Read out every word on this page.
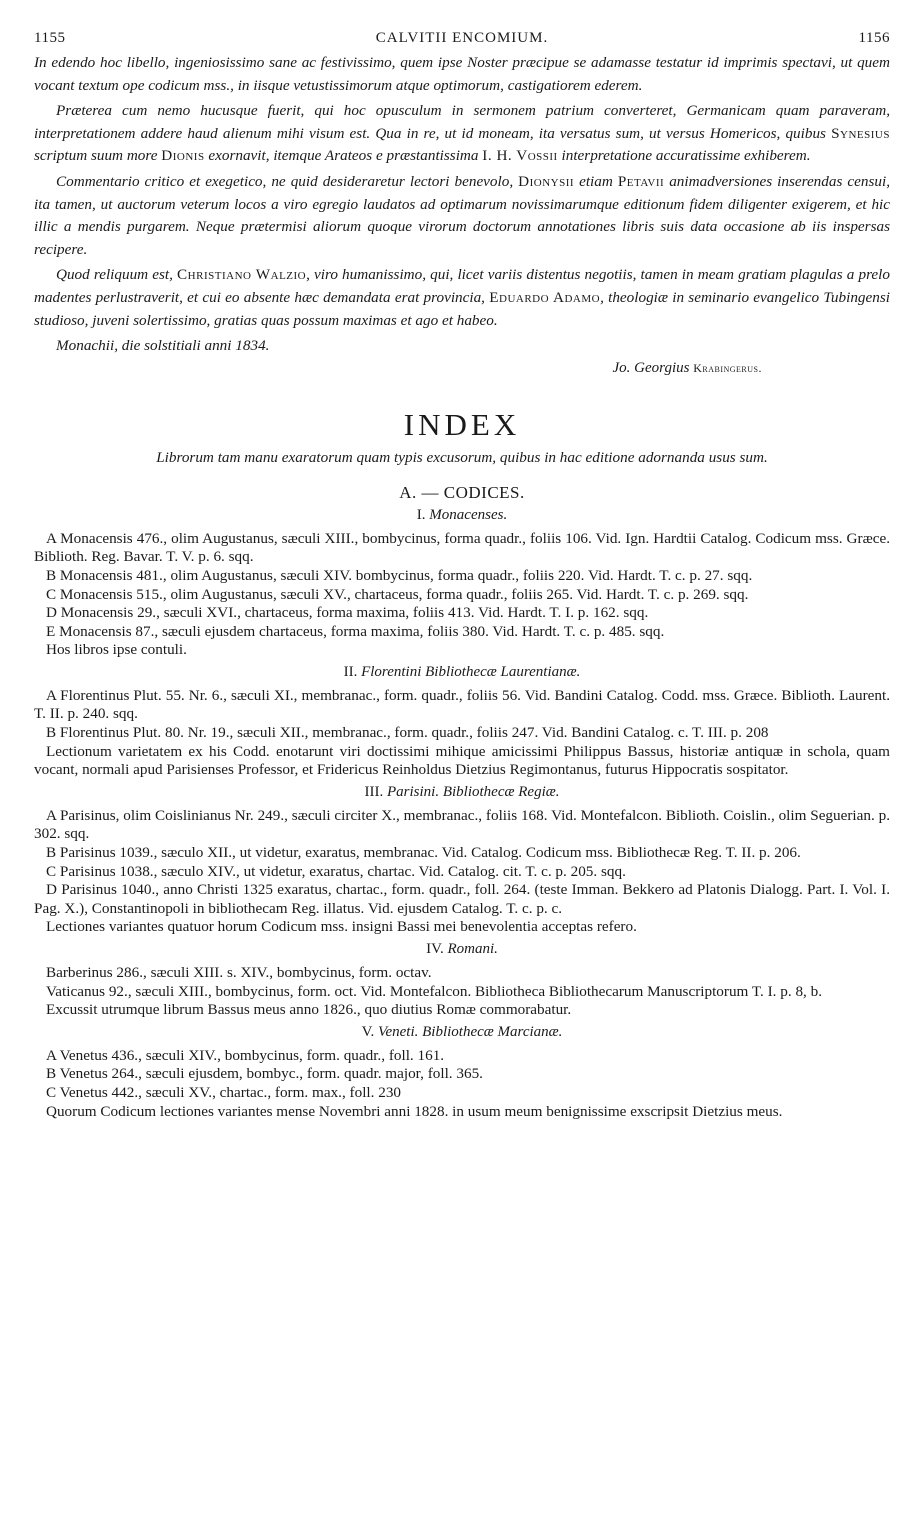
1155	CALVITII ENCOMIUM.	1156

In edendo hoc libello, ingeniosissimo sane ac festivissimo, quem ipse Noster præcipue se adamasse testatur id imprimis spectavi, ut quem vocant textum ope codicum mss., in iisque vetustissimorum atque optimorum, castigatiorem ederem.

Præterea cum nemo hucusque fuerit, qui hoc opusculum in sermonem patrium converteret, Germanicam quam paraveram, interpretationem addere haud alienum mihi visum est. Qua in re, ut id moneam, ita versatus sum, ut versus Homericos, quibus Synesius scriptum suum more Dionis exornavit, itemque Arateos e præstantissima I. H. Vossii interpretatione accuratissime exhiberem.

Commentario critico et exegetico, ne quid desideraretur lectori benevolo, Dionysii etiam Petavii animadversiones inserendas censui, ita tamen, ut auctorum veterum locos a viro egregio laudatos ad optimarum novissimarumque editionum fidem diligenter exigerem, et hic illic a mendis purgarem. Neque prætermisi aliorum quoque virorum doctorum annotationes libris suis data occasione ab iis inspersas recipere.

Quod reliquum est, Christiano Walzio, viro humanissimo, qui, licet variis distentus negotiis, tamen in meam gratiam plagulas a prelo madentes perlustraverit, et cui eo absente hæc demandata erat provincia, Eduardo Adamo, theologiæ in seminario evangelico Tubingensi studioso, juveni solertissimo, gratias quas possum maximas et ago et habeo.

Monachii, die solstitiali anni 1834.

Jo. Georgius Krabingerus.
INDEX
Librorum tam manu exaratorum quam typis excusorum, quibus in hac editione adornanda usus sum.
A. — CODICES.
I. Monacenses.

A Monacensis 476., olim Augustanus, sæculi XIII., bombycinus, forma quadr., foliis 106. Vid. Ign. Hardtii Catalog. Codicum mss. Græce. Biblioth. Reg. Bavar. T. V. p. 6. sqq.

B Monacensis 481., olim Augustanus, sæculi XIV. bombycinus, forma quadr., foliis 220. Vid. Hardt. T. c. p. 27. sqq.

C Monacensis 515., olim Augustanus, sæculi XV., chartaceus, forma quadr., foliis 265. Vid. Hardt. T. c. p. 269. sqq.

D Monacensis 29., sæculi XVI., chartaceus, forma maxima, foliis 413. Vid. Hardt. T. I. p. 162. sqq.

E Monacensis 87., sæculi ejusdem chartaceus, forma maxima, foliis 380. Vid. Hardt. T. c. p. 485. sqq.

Hos libros ipse contuli.

II. Florentini Bibliothecæ Laurentianæ.

A Florentinus Plut. 55. Nr. 6., sæculi XI., membranac., form. quadr., foliis 56. Vid. Bandini Catalog. Codd. mss. Græce. Biblioth. Laurent. T. II. p. 240. sqq.

B Florentinus Plut. 80. Nr. 19., sæculi XII., membranac., form. quadr., foliis 247. Vid. Bandini Catalog. c. T. III. p. 208

Lectionum varietatem ex his Codd. enotarunt viri doctissimi mihique amicissimi Philippus Bassus, historiæ antiquæ in schola, quam vocant, normali apud Parisienses Professor, et Fridericus Reinholdus Dietzius Regimontanus, futurus Hippocratis sospitator.

III. Parisini. Bibliothecæ Regiæ.

A Parisinus, olim Coislinianus Nr. 249., sæculi circiter X., membranac., foliis 168. Vid. Montefalcon. Biblioth. Coislin., olim Seguerian. p. 302. sqq.

B Parisinus 1039., sæculo XII., ut videtur, exaratus, membranac. Vid. Catalog. Codicum mss. Bibliothecæ Reg. T. II. p. 206.

C Parisinus 1038., sæculo XIV., ut videtur, exaratus, chartac. Vid. Catalog. cit. T. c. p. 205. sqq.

D Parisinus 1040., anno Christi 1325 exaratus, chartac., form. quadr., foll. 264. (teste Imman. Bekkero ad Platonis Dialogg. Part. I. Vol. I. Pag. X.), Constantinopoli in bibliothecam Reg. illatus. Vid. ejusdem Catalog. T. c. p. c.

Lectiones variantes quatuor horum Codicum mss. insigni Bassi mei benevolentia acceptas refero.

IV. Romani.

Barberinus 286., sæculi XIII. s. XIV., bombycinus, form. octav.

Vaticanus 92., sæculi XIII., bombycinus, form. oct. Vid. Montefalcon. Bibliotheca Bibliothecarum Manuscriptorum T. I. p. 8, b.

Excussit utrumque librum Bassus meus anno 1826., quo diutius Romæ commorabatur.

V. Veneti. Bibliothecæ Marcianæ.

A Venetus 436., sæculi XIV., bombycinus, form. quadr., foll. 161.

B Venetus 264., sæculi ejusdem, bombyc., form. quadr. major, foll. 365.

C Venetus 442., sæculi XV., chartac., form. max., foll. 230

Quorum Codicum lectiones variantes mense Novembri anni 1828. in usum meum benignissime exscripsit Dietzius meus.
